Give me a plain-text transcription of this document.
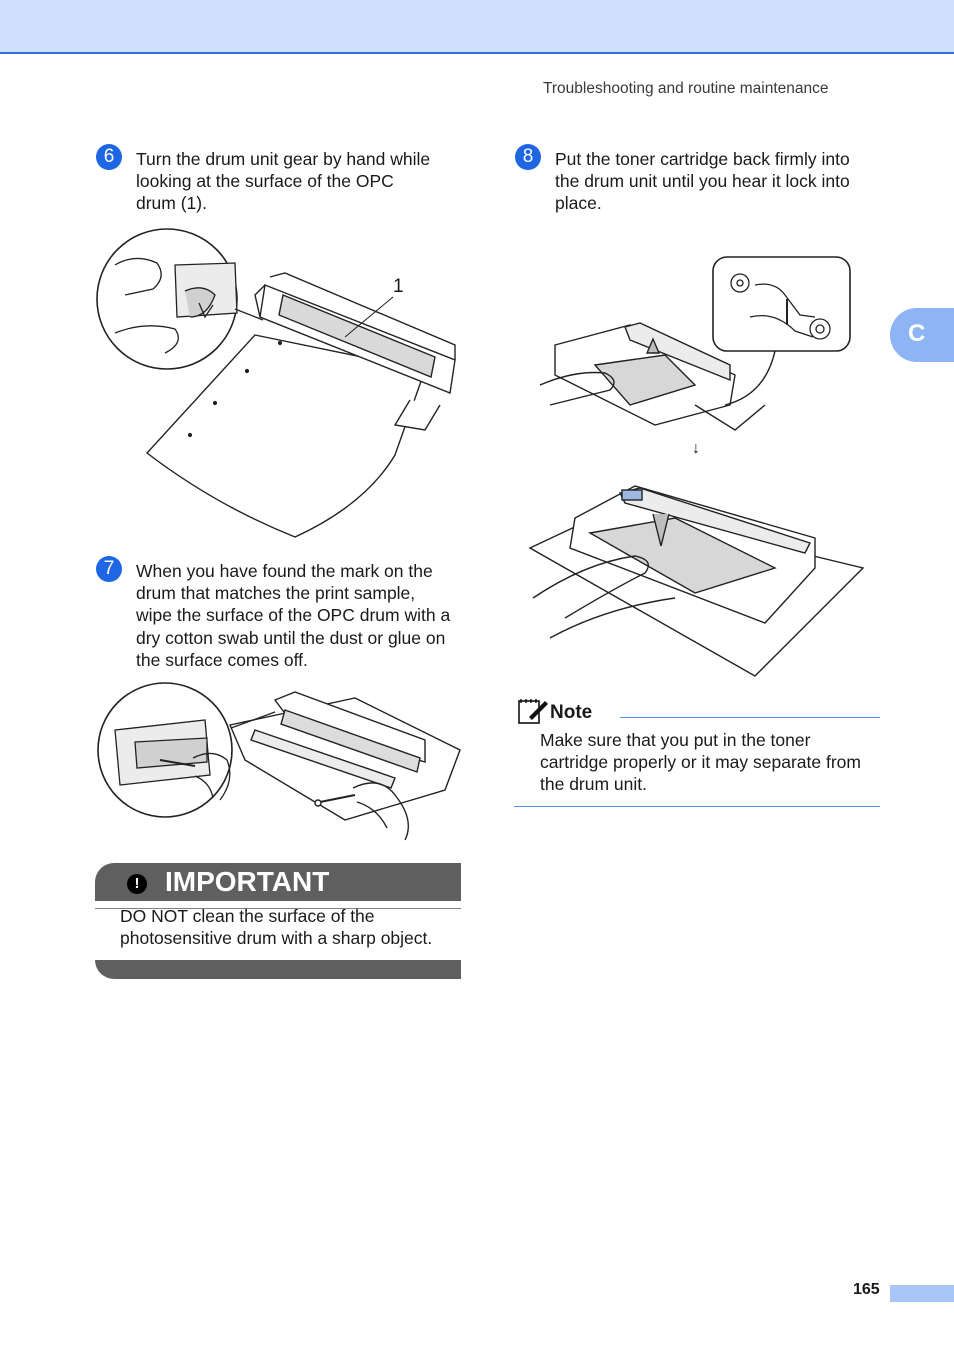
Troubleshooting and routine maintenance
C
6	Turn the drum unit gear by hand while
looking at the surface of the OPC
drum (1).
1
7	When you have found the mark on the
drum that matches the print sample,
wipe the surface of the OPC drum with a
dry cotton swab until the dust or glue on
the surface comes off.
! IMPORTANT
DO NOT clean the surface of the
photosensitive drum with a sharp object.
8	Put the toner cartridge back firmly into
the drum unit until you hear it lock into
place.
↓
Note
Make sure that you put in the toner
cartridge properly or it may separate from
the drum unit.
165
